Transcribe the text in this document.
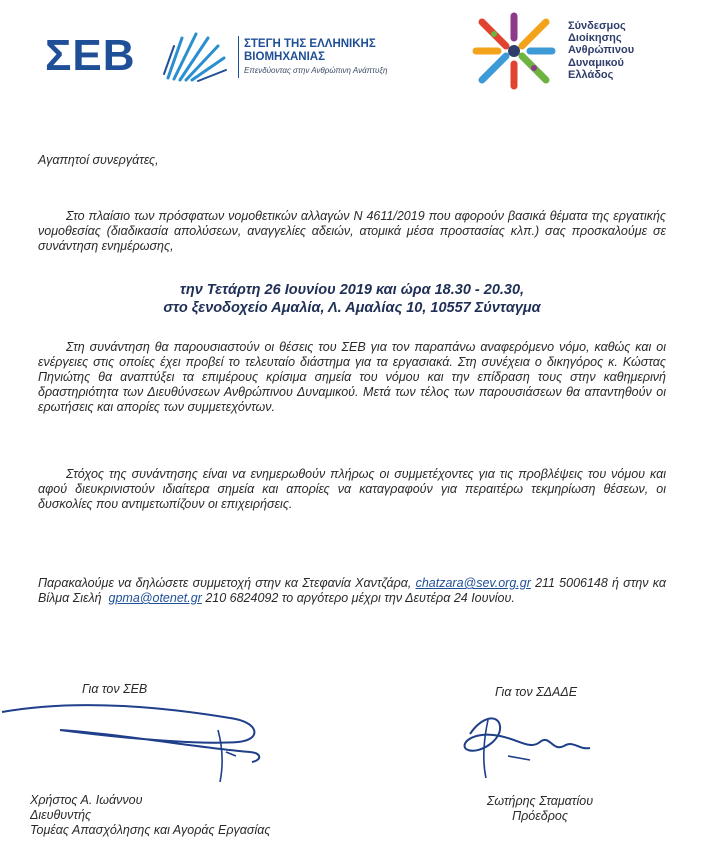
ΣΕΒ	ΣΤΕΓΗ ΤΗΣ ΕΛΛΗΝΙΚΗΣ
ΒΙΟΜΗΧΑΝΙΑΣ
Επενδύοντας στην Ανθρώπινη Ανάπτυξη
Σύνδεσμος
Διοίκησης
Ανθρώπινου
Δυναμικού
Ελλάδος

Αγαπητοί συνεργάτες,

Στο πλαίσιο των πρόσφατων νομοθετικών αλλαγών Ν 4611/2019 που αφορούν βασικά θέματα της εργατικής νομοθεσίας (διαδικασία απολύσεων, αναγγελίες αδειών, ατομικά μέσα προστασίας κλπ.) σας προσκαλούμε σε συνάντηση ενημέρωσης,

την Τετάρτη 26 Ιουνίου 2019 και ώρα 18.30 - 20.30,
στο ξενοδοχείο Αμαλία, Λ. Αμαλίας 10, 10557 Σύνταγμα

Στη συνάντηση θα παρουσιαστούν οι θέσεις του ΣΕΒ για τον παραπάνω αναφερόμενο νόμο, καθώς και οι ενέργειες στις οποίες έχει προβεί το τελευταίο διάστημα για τα εργασιακά. Στη συνέχεια ο δικηγόρος κ. Κώστας Πηνιώτης θα αναπτύξει τα επιμέρους κρίσιμα σημεία του νόμου και την επίδραση τους στην καθημερινή δραστηριότητα των Διευθύνσεων Ανθρώπινου Δυναμικού. Μετά των τέλος των παρουσιάσεων θα απαντηθούν οι ερωτήσεις και απορίες των συμμετεχόντων.

Στόχος της συνάντησης είναι να ενημερωθούν πλήρως οι συμμετέχοντες για τις προβλέψεις του νόμου και αφού διευκρινιστούν ιδιαίτερα σημεία και απορίες να καταγραφούν για περαιτέρω τεκμηρίωση θέσεων, οι δυσκολίες που αντιμετωπίζουν οι επιχειρήσεις.

Παρακαλούμε να δηλώσετε συμμετοχή στην κα Στεφανία Χαντζάρα, chatzara@sev.org.gr 211 5006148 ή στην κα Βίλμα Σιελή gpma@otenet.gr 210 6824092 το αργότερο μέχρι την Δευτέρα 24 Ιουνίου.

Για τον ΣΕΒ	Για τον ΣΔΑΔΕ
Χρήστος Α. Ιωάννου
Διευθυντής
Τομέας Απασχόλησης και Αγοράς Εργασίας
Σωτήρης Σταματίου
Πρόεδρος
